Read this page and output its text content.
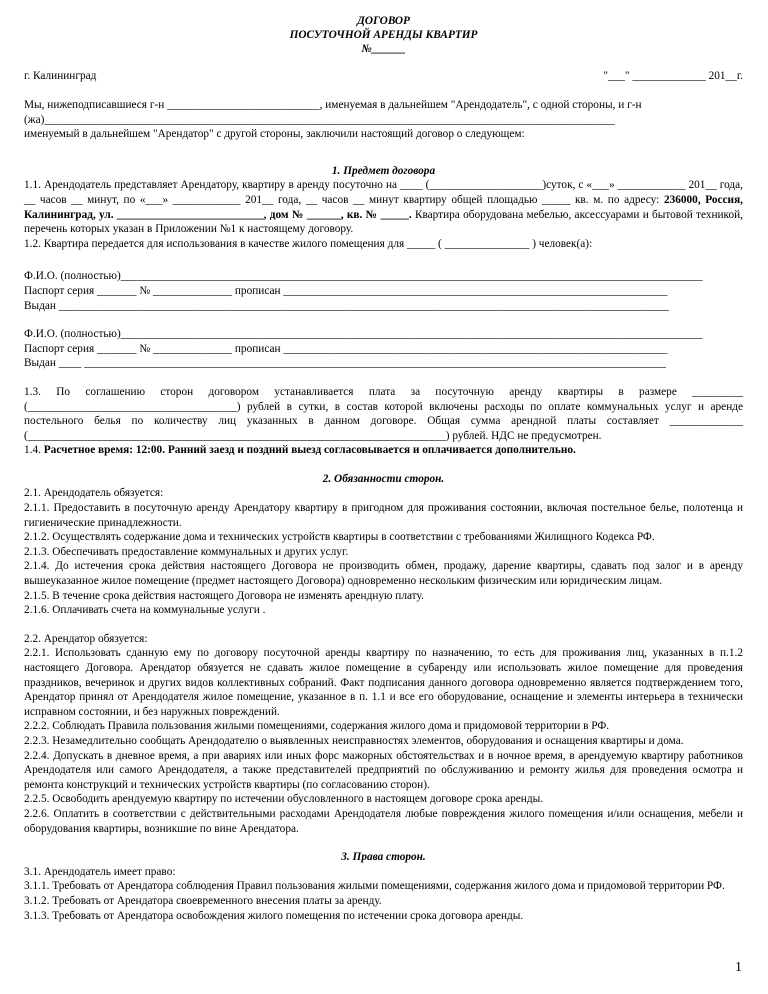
ДОГОВОР
ПОСУТОЧНОЙ АРЕНДЫ КВАРТИР
№______
г. Калининград	"___" _____________ 201__г.

Мы, нижеподписавшиеся г-н ___________________________, именуемая в дальнейшем "Арендодатель", с одной стороны, и г-н

(жа)_____________________________________________________________________________________________________

именуемый в дальнейшем "Арендатор" с другой стороны, заключили настоящий договор о следующем:

1. Предмет договора

1.1. Арендодатель представляет Арендатору, квартиру в аренду посуточно на ____ (____________________)суток, с «___» ____________ 201__ года, __ часов __ минут, по «___» ____________ 201__ года, __ часов __ минут квартиру общей площадью _____ кв. м. по адресу: 236000, Россия, Калининград, ул. __________________________, дом № ______, кв. № _____. Квартира оборудована мебелью, аксессуарами и бытовой техникой, перечень которых указан в Приложении №1 к настоящему договору.

1.2. Квартира передается для использования в качестве жилого помещения для _____ ( _______________ ) человек(а):

Ф.И.О. (полностью)_______________________________________________________________________________________________________

Паспорт серия _______ № ______________ прописан ____________________________________________________________________

Выдан ____________________________________________________________________________________________________________

Ф.И.О. (полностью)_______________________________________________________________________________________________________

Паспорт серия _______ № ______________ прописан ____________________________________________________________________

Выдан ____ _______________________________________________________________________________________________________

1.3. По соглашению сторон договором устанавливается плата за посуточную аренду квартиры в размере _________ (_____________________________________) рублей в сутки, в состав которой включены расходы по оплате коммунальных услуг и аренде постельного белья по количеству лиц указанных в данном договоре. Общая сумма арендной платы составляет _____________ (__________________________________________________________________________) рублей. НДС не предусмотрен.

1.4. Расчетное время: 12:00. Ранний заезд и поздний выезд согласовывается и оплачивается дополнительно.

2. Обязанности сторон.

2.1. Арендодатель обязуется:

2.1.1. Предоставить в посуточную аренду Арендатору квартиру в пригодном для проживания состоянии, включая постельное белье, полотенца и гигиенические принадлежности.

2.1.2. Осуществлять содержание дома и технических устройств квартиры в соответствии с требованиями Жилищного Кодекса РФ.

2.1.3. Обеспечивать предоставление коммунальных и других услуг.

2.1.4. До истечения срока действия настоящего Договора не производить обмен, продажу, дарение квартиры, сдавать под залог и в аренду вышеуказанное жилое помещение (предмет настоящего Договора) одновременно нескольким физическим или юридическим лицам.

2.1.5. В течение срока действия настоящего Договора не изменять арендную плату.

2.1.6. Оплачивать счета на коммунальные услуги .

2.2. Арендатор обязуется:

2.2.1. Использовать сданную ему по договору посуточной аренды квартиру по назначению, то есть для проживания лиц, указанных в п.1.2 настоящего Договора. Арендатор обязуется не сдавать жилое помещение в субаренду или использовать жилое помещение для проведения праздников, вечеринок и других видов коллективных собраний. Факт подписания данного договора одновременно является подтверждением того, Арендатор принял от Арендодателя жилое помещение, указанное в п. 1.1 и все его оборудование, оснащение и элементы интерьера в технически исправном состоянии, и без наружных повреждений.

2.2.2. Соблюдать Правила пользования жилыми помещениями, содержания жилого дома и придомовой территории в РФ.

2.2.3. Незамедлительно сообщать Арендодателю о выявленных неисправностях элементов, оборудования и оснащения квартиры и дома.

2.2.4. Допускать в дневное время, а при авариях или иных форс мажорных обстоятельствах и в ночное время, в арендуемую квартиру работников Арендодателя или самого Арендодателя, а также представителей предприятий по обслуживанию и ремонту жилья для проведения осмотра и ремонта конструкций и технических устройств квартиры (по согласованию сторон).

2.2.5. Освободить арендуемую квартиру по истечении обусловленного в настоящем договоре срока аренды.

2.2.6. Оплатить в соответствии с действительными расходами Арендодателя любые повреждения жилого помещения и/или оснащения, мебели и оборудования квартиры, возникшие по вине Арендатора.

3. Права сторон.

3.1. Арендодатель имеет право:

3.1.1. Требовать от Арендатора соблюдения Правил пользования жилыми помещениями, содержания жилого дома и придомовой территории РФ.

3.1.2. Требовать от Арендатора своевременного внесения платы за аренду.

3.1.3. Требовать от Арендатора освобождения жилого помещения по истечении срока договора аренды.

1
